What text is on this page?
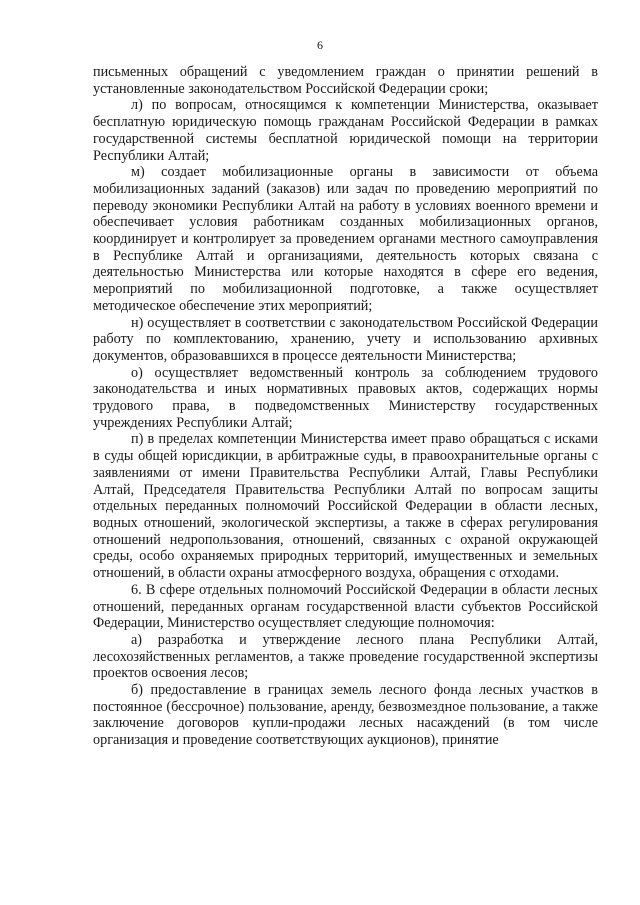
6

письменных обращений с уведомлением граждан о принятии решений в установленные законодательством Российской Федерации сроки;

л) по вопросам, относящимся к компетенции Министерства, оказывает бесплатную юридическую помощь гражданам Российской Федерации в рамках государственной системы бесплатной юридической помощи на территории Республики Алтай;

м) создает мобилизационные органы в зависимости от объема мобилизационных заданий (заказов) или задач по проведению мероприятий по переводу экономики Республики Алтай на работу в условиях военного времени и обеспечивает условия работникам созданных мобилизационных органов, координирует и контролирует за проведением органами местного самоуправления в Республике Алтай и организациями, деятельность которых связана с деятельностью Министерства или которые находятся в сфере его ведения, мероприятий по мобилизационной подготовке, а также осуществляет методическое обеспечение этих мероприятий;

н) осуществляет в соответствии с законодательством Российской Федерации работу по комплектованию, хранению, учету и использованию архивных документов, образовавшихся в процессе деятельности Министерства;

о) осуществляет ведомственный контроль за соблюдением трудового законодательства и иных нормативных правовых актов, содержащих нормы трудового права, в подведомственных Министерству государственных учреждениях Республики Алтай;

п) в пределах компетенции Министерства имеет право обращаться с исками в суды общей юрисдикции, в арбитражные суды, в правоохранительные органы с заявлениями от имени Правительства Республики Алтай, Главы Республики Алтай, Председателя Правительства Республики Алтай по вопросам защиты отдельных переданных полномочий Российской Федерации в области лесных, водных отношений, экологической экспертизы, а также в сферах регулирования отношений недропользования, отношений, связанных с охраной окружающей среды, особо охраняемых природных территорий, имущественных и земельных отношений, в области охраны атмосферного воздуха, обращения с отходами.

6. В сфере отдельных полномочий Российской Федерации в области лесных отношений, переданных органам государственной власти субъектов Российской Федерации, Министерство осуществляет следующие полномочия:

а) разработка и утверждение лесного плана Республики Алтай, лесохозяйственных регламентов, а также проведение государственной экспертизы проектов освоения лесов;

б) предоставление в границах земель лесного фонда лесных участков в постоянное (бессрочное) пользование, аренду, безвозмездное пользование, а также заключение договоров купли-продажи лесных насаждений (в том числе организация и проведение соответствующих аукционов), принятие
